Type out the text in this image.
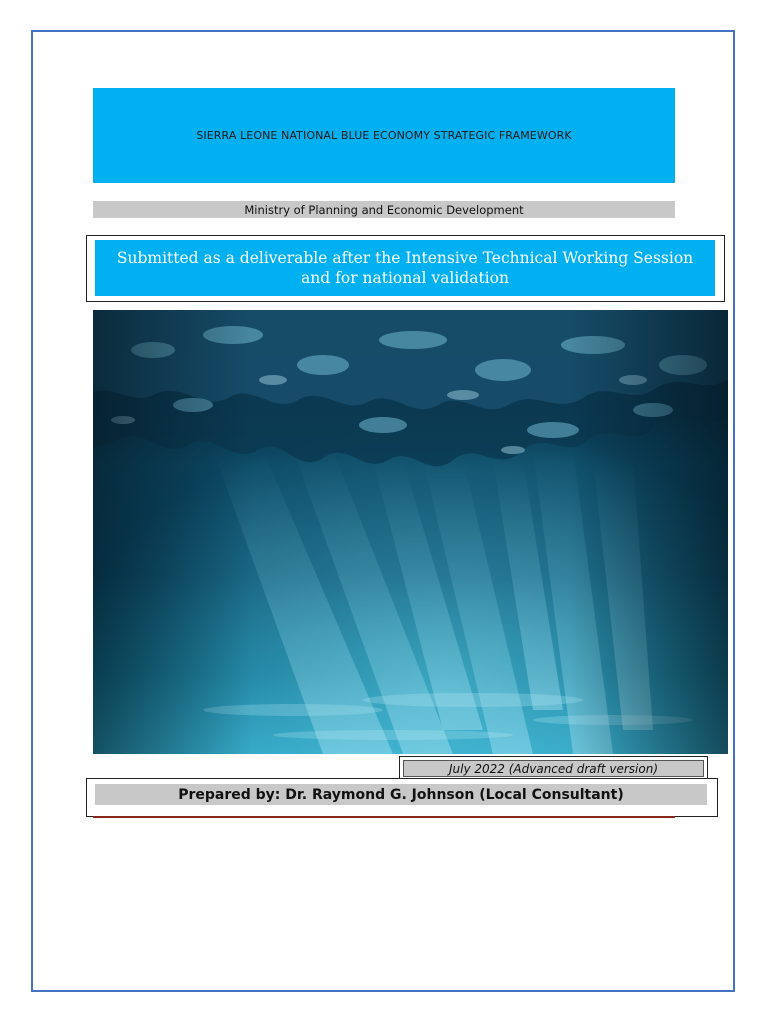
SIERRA LEONE NATIONAL BLUE ECONOMY STRATEGIC FRAMEWORK
Ministry of Planning and Economic Development
Submitted as a deliverable after the Intensive Technical Working Session and for national validation
July 2022 (Advanced draft version)
Prepared by: Dr. Raymond G. Johnson (Local Consultant)
